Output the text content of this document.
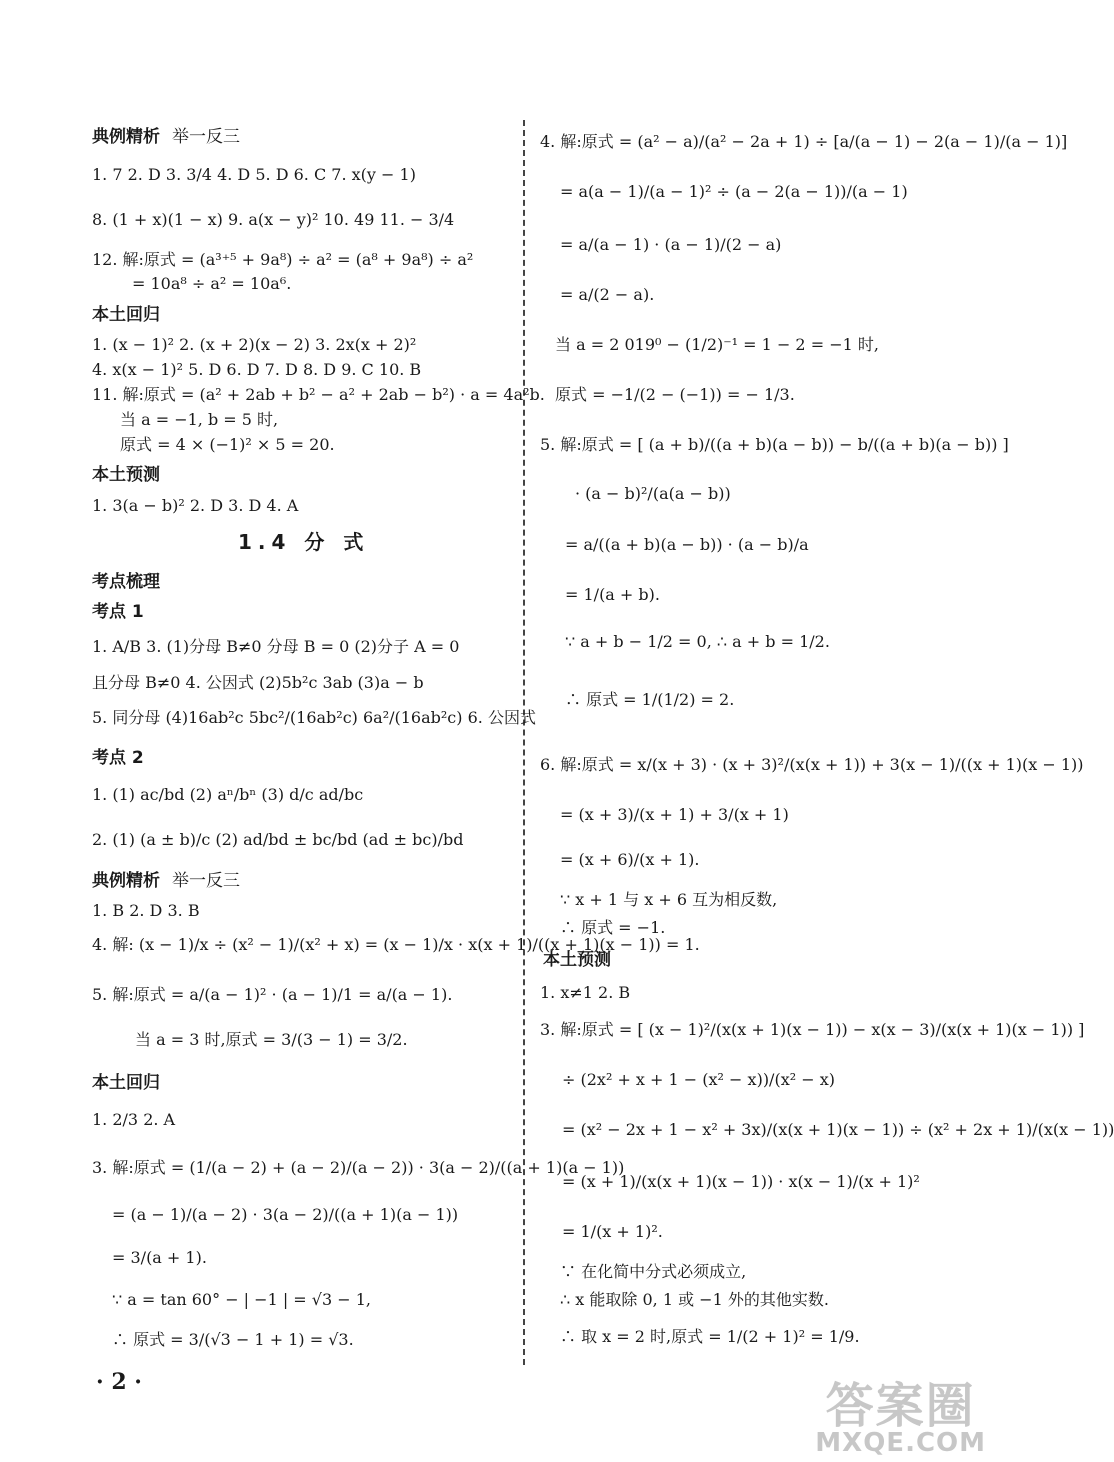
典例精析 举一反三
1. 7 2. D 3. 3/4 4. D 5. D 6. C 7. x(y − 1)
8. (1 + x)(1 − x) 9. a(x − y)² 10. 49 11. − 3/4
12. 解:原式 = (a³⁺⁵ + 9a⁸) ÷ a² = (a⁸ + 9a⁸) ÷ a²
= 10a⁸ ÷ a² = 10a⁶.
本土回归
1. (x − 1)² 2. (x + 2)(x − 2) 3. 2x(x + 2)²
4. x(x − 1)² 5. D 6. D 7. D 8. D 9. C 10. B
11. 解:原式 = (a² + 2ab + b² − a² + 2ab − b²) · a = 4a²b.
当 a = −1, b = 5 时,
原式 = 4 × (−1)² × 5 = 20.
本土预测
1. 3(a − b)² 2. D 3. D 4. A
1.4 分 式
考点梳理
考点 1
1. A/B 3. (1)分母 B≠0 分母 B = 0 (2)分子 A = 0
且分母 B≠0 4. 公因式 (2)5b²c 3ab (3)a − b
5. 同分母 (4)16ab²c 5bc²/(16ab²c) 6a²/(16ab²c) 6. 公因式
考点 2
1. (1) ac/bd (2) aⁿ/bⁿ (3) d/c ad/bc
2. (1) (a ± b)/c (2) ad/bd ± bc/bd (ad ± bc)/bd
典例精析 举一反三
1. B 2. D 3. B
4. 解: (x − 1)/x ÷ (x² − 1)/(x² + x) = (x − 1)/x · x(x + 1)/((x + 1)(x − 1)) = 1.
5. 解:原式 = a/(a − 1)² · (a − 1)/1 = a/(a − 1).
当 a = 3 时,原式 = 3/(3 − 1) = 3/2.
本土回归
1. 2/3 2. A
3. 解:原式 = (1/(a − 2) + (a − 2)/(a − 2)) · 3(a − 2)/((a + 1)(a − 1))
= (a − 1)/(a − 2) · 3(a − 2)/((a + 1)(a − 1))
= 3/(a + 1).
∵ a = tan 60° − | −1 | = √3 − 1,
∴ 原式 = 3/(√3 − 1 + 1) = √3.
· 2 ·
4. 解:原式 = (a² − a)/(a² − 2a + 1) ÷ [a/(a − 1) − 2(a − 1)/(a − 1)]
= a(a − 1)/(a − 1)² ÷ (a − 2(a − 1))/(a − 1)
= a/(a − 1) · (a − 1)/(2 − a)
= a/(2 − a).
当 a = 2 019⁰ − (1/2)⁻¹ = 1 − 2 = −1 时,
原式 = −1/(2 − (−1)) = − 1/3.
5. 解:原式 = [ (a + b)/((a + b)(a − b)) − b/((a + b)(a − b)) ]
· (a − b)²/(a(a − b))
= a/((a + b)(a − b)) · (a − b)/a
= 1/(a + b).
∵ a + b − 1/2 = 0, ∴ a + b = 1/2.
∴ 原式 = 1/(1/2) = 2.
6. 解:原式 = x/(x + 3) · (x + 3)²/(x(x + 1)) + 3(x − 1)/((x + 1)(x − 1))
= (x + 3)/(x + 1) + 3/(x + 1)
= (x + 6)/(x + 1).
∵ x + 1 与 x + 6 互为相反数,
∴ 原式 = −1.
本土预测
1. x≠1 2. B
3. 解:原式 = [ (x − 1)²/(x(x + 1)(x − 1)) − x(x − 3)/(x(x + 1)(x − 1)) ]
÷ (2x² + x + 1 − (x² − x))/(x² − x)
= (x² − 2x + 1 − x² + 3x)/(x(x + 1)(x − 1)) ÷ (x² + 2x + 1)/(x(x − 1))
= (x + 1)/(x(x + 1)(x − 1)) · x(x − 1)/(x + 1)²
= 1/(x + 1)².
∵ 在化简中分式必须成立,
∴ x 能取除 0, 1 或 −1 外的其他实数.
∴ 取 x = 2 时,原式 = 1/(2 + 1)² = 1/9.
答案圈
MXQE.COM
